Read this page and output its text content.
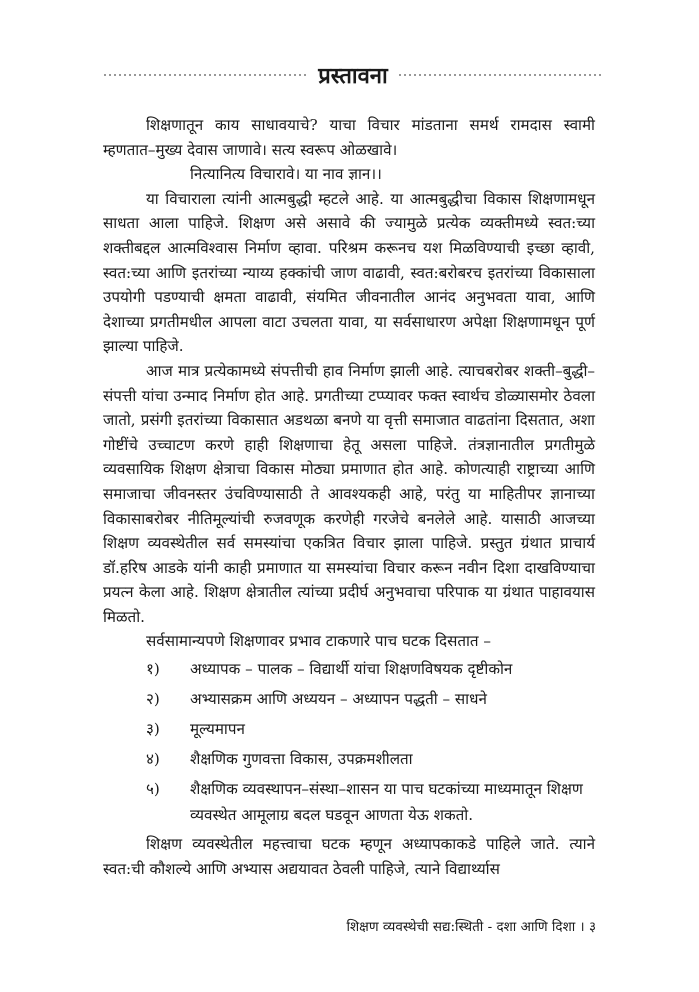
प्रस्तावना

शिक्षणातून काय साधावयाचे? याचा विचार मांडताना समर्थ रामदास स्वामी म्हणतात–मुख्य देवास जाणावे। सत्य स्वरूप ओळखावे।

नित्यानित्य विचारावे। या नाव ज्ञान।।

या विचाराला त्यांनी आत्मबुद्धी म्हटले आहे. या आत्मबुद्धीचा विकास शिक्षणामधून साधता आला पाहिजे. शिक्षण असे असावे की ज्यामुळे प्रत्येक व्यक्तीमध्ये स्वत:च्या शक्तीबद्दल आत्मविश्वास निर्माण व्हावा. परिश्रम करूनच यश मिळविण्याची इच्छा व्हावी, स्वत:च्या आणि इतरांच्या न्याय्य हक्कांची जाण वाढावी, स्वत:बरोबरच इतरांच्या विकासाला उपयोगी पडण्याची क्षमता वाढावी, संयमित जीवनातील आनंद अनुभवता यावा, आणि देशाच्या प्रगतीमधील आपला वाटा उचलता यावा, या सर्वसाधारण अपेक्षा शिक्षणामधून पूर्ण झाल्या पाहिजे.

आज मात्र प्रत्येकामध्ये संपत्तीची हाव निर्माण झाली आहे. त्याचबरोबर शक्ती–बुद्धी–संपत्ती यांचा उन्माद निर्माण होत आहे. प्रगतीच्या टप्प्यावर फक्त स्वार्थच डोळ्यासमोर ठेवला जातो, प्रसंगी इतरांच्या विकासात अडथळा बनणे या वृत्ती समाजात वाढतांना दिसतात, अशा गोष्टींचे उच्चाटण करणे हाही शिक्षणाचा हेतू असला पाहिजे. तंत्रज्ञानातील प्रगतीमुळे व्यवसायिक शिक्षण क्षेत्राचा विकास मोठ्या प्रमाणात होत आहे. कोणत्याही राष्ट्राच्या आणि समाजाचा जीवनस्तर उंचविण्यासाठी ते आवश्यकही आहे, परंतु या माहितीपर ज्ञानाच्या विकासाबरोबर नीतिमूल्यांची रुजवणूक करणेही गरजेचे बनलेले आहे. यासाठी आजच्या शिक्षण व्यवस्थेतील सर्व समस्यांचा एकत्रित विचार झाला पाहिजे. प्रस्तुत ग्रंथात प्राचार्य डॉ.हरिष आडके यांनी काही प्रमाणात या समस्यांचा विचार करून नवीन दिशा दाखविण्याचा प्रयत्न केला आहे. शिक्षण क्षेत्रातील त्यांच्या प्रदीर्घ अनुभवाचा परिपाक या ग्रंथात पाहावयास मिळतो.

सर्वसामान्यपणे शिक्षणावर प्रभाव टाकणारे पाच घटक दिसतात –
१)	अध्यापक – पालक – विद्यार्थी यांचा शिक्षणविषयक दृष्टीकोन
२)	अभ्यासक्रम आणि अध्ययन – अध्यापन पद्धती – साधने
३)	मूल्यमापन
४)	शैक्षणिक गुणवत्ता विकास, उपक्रमशीलता
५)	शैक्षणिक व्यवस्थापन–संस्था–शासन या पाच घटकांच्या माध्यमातून शिक्षण व्यवस्थेत आमूलाग्र बदल घडवून आणता येऊ शकतो.

शिक्षण व्यवस्थेतील महत्त्वाचा घटक म्हणून अध्यापकाकडे पाहिले जाते. त्याने स्वत:ची कौशल्ये आणि अभ्यास अद्ययावत ठेवली पाहिजे, त्याने विद्यार्थ्यास

शिक्षण व्यवस्थेची सद्य:स्थिती - दशा आणि दिशा । ३
